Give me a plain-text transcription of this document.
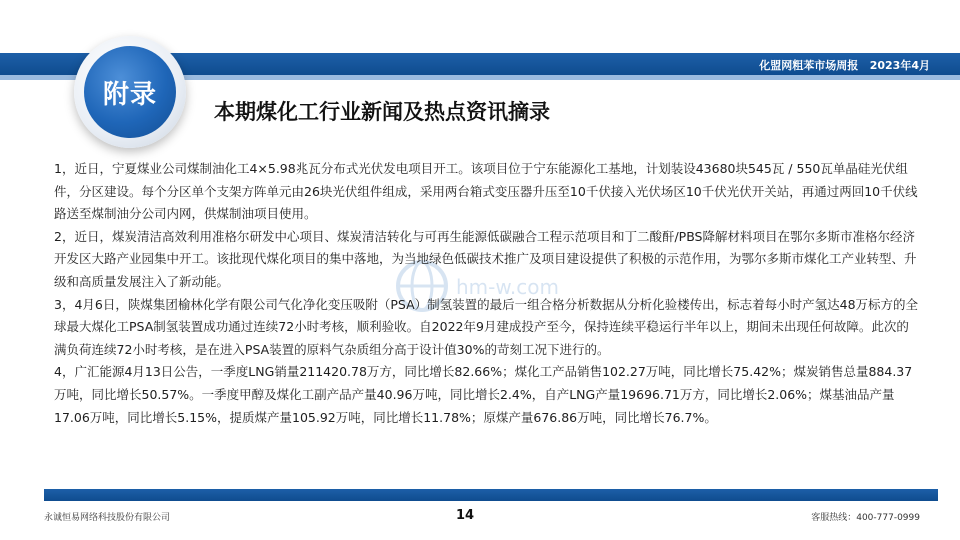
化盟网粗苯市场周报 2023年4月
附录
本期煤化工行业新闻及热点资讯摘录
hm-w.com

1，近日，宁夏煤业公司煤制油化工4×5.98兆瓦分布式光伏发电项目开工。该项目位于宁东能源化工基地，计划装设43680块545瓦 / 550瓦单晶硅光伏组件，分区建设。每个分区单个支架方阵单元由26块光伏组件组成，采用两台箱式变压器升压至10千伏接入光伏场区10千伏光伏开关站，再通过两回10千伏线路送至煤制油分公司内网，供煤制油项目使用。

2，近日，煤炭清洁高效利用准格尔研发中心项目、煤炭清洁转化与可再生能源低碳融合工程示范项目和丁二酸酐/PBS降解材料项目在鄂尔多斯市准格尔经济开发区大路产业园集中开工。该批现代煤化项目的集中落地，为当地绿色低碳技术推广及项目建设提供了积极的示范作用，为鄂尔多斯市煤化工产业转型、升级和高质量发展注入了新动能。

3，4月6日，陕煤集团榆林化学有限公司气化净化变压吸附（PSA）制氢装置的最后一组合格分析数据从分析化验楼传出，标志着每小时产氢达48万标方的全球最大煤化工PSA制氢装置成功通过连续72小时考核，顺利验收。自2022年9月建成投产至今，保持连续平稳运行半年以上，期间未出现任何故障。此次的满负荷连续72小时考核，是在进入PSA装置的原料气杂质组分高于设计值30%的苛刻工况下进行的。

4，广汇能源4月13日公告，一季度LNG销量211420.78万方，同比增长82.66%；煤化工产品销售102.27万吨，同比增长75.42%；煤炭销售总量884.37万吨，同比增长50.57%。一季度甲醇及煤化工副产品产量40.96万吨，同比增长2.4%，自产LNG产量19696.71万方，同比增长2.06%；煤基油品产量17.06万吨，同比增长5.15%，提质煤产量105.92万吨，同比增长11.78%；原煤产量676.86万吨，同比增长76.7%。

永诚恒易网络科技股份有限公司	14	客服热线：400-777-0999
